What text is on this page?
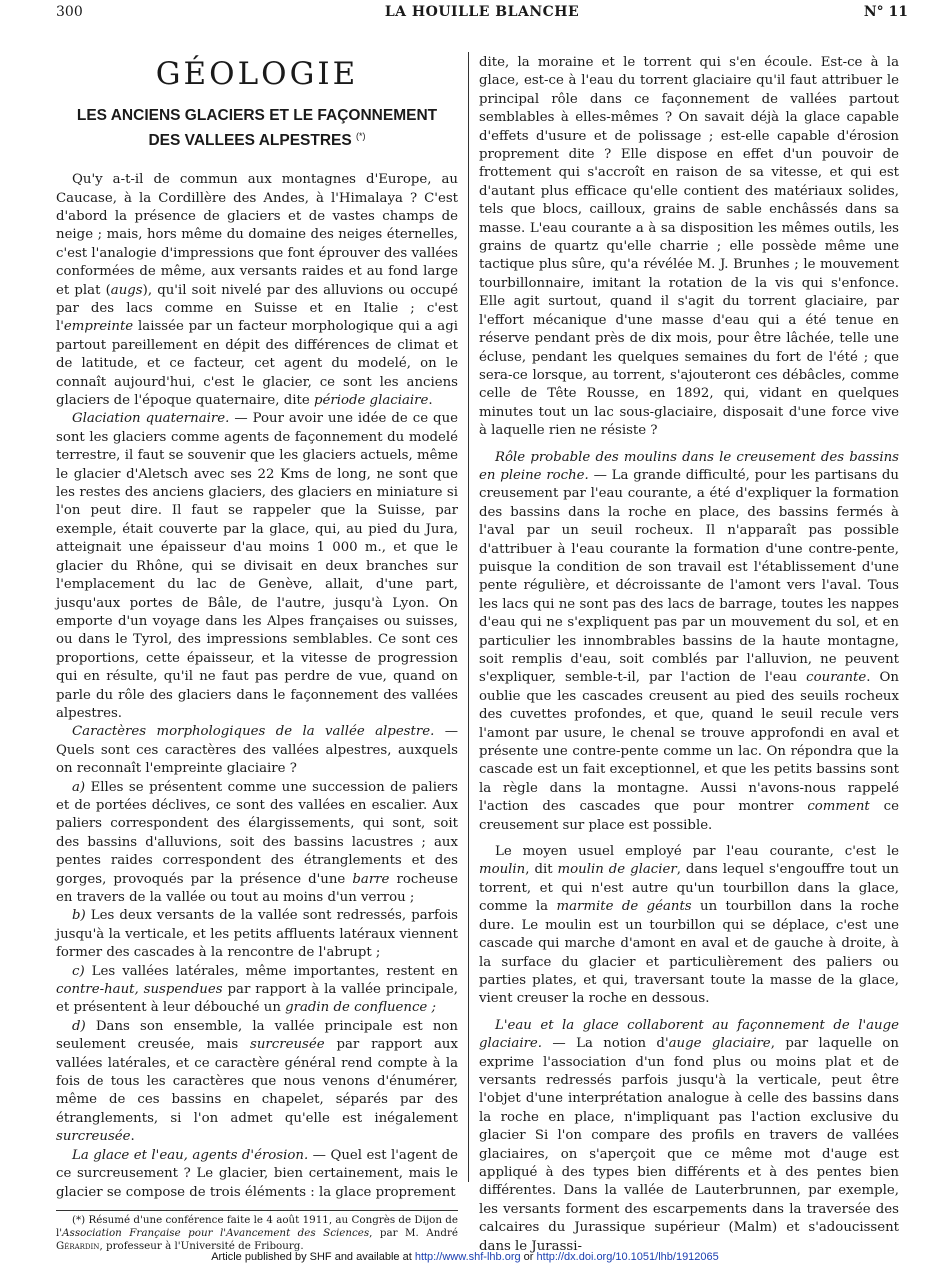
300	LA HOUILLE BLANCHE	N° 11
GÉOLOGIE
LES ANCIENS GLACIERS ET LE FAÇONNEMENT
DES VALLEES ALPESTRES (*)

Qu'y a-t-il de commun aux montagnes d'Europe, au Caucase, à la Cordillère des Andes, à l'Himalaya ? C'est d'abord la présence de glaciers et de vastes champs de neige ; mais, hors même du domaine des neiges éternelles, c'est l'analogie d'impressions que font éprouver des vallées conformées de même, aux versants raides et au fond large et plat (augs), qu'il soit nivelé par des alluvions ou occupé par des lacs comme en Suisse et en Italie ; c'est l'empreinte laissée par un facteur morphologique qui a agi partout pareillement en dépit des différences de climat et de latitude, et ce facteur, cet agent du modelé, on le connaît aujourd'hui, c'est le glacier, ce sont les anciens glaciers de l'époque quaternaire, dite période glaciaire.

Glaciation quaternaire. — Pour avoir une idée de ce que sont les glaciers comme agents de façonnement du modelé terrestre, il faut se souvenir que les glaciers actuels, même le glacier d'Aletsch avec ses 22 Kms de long, ne sont que les restes des anciens glaciers, des glaciers en miniature si l'on peut dire. Il faut se rappeler que la Suisse, par exemple, était couverte par la glace, qui, au pied du Jura, atteignait une épaisseur d'au moins 1 000 m., et que le glacier du Rhône, qui se divisait en deux branches sur l'emplacement du lac de Genève, allait, d'une part, jusqu'aux portes de Bâle, de l'autre, jusqu'à Lyon. On emporte d'un voyage dans les Alpes françaises ou suisses, ou dans le Tyrol, des impressions semblables. Ce sont ces proportions, cette épaisseur, et la vitesse de progression qui en résulte, qu'il ne faut pas perdre de vue, quand on parle du rôle des glaciers dans le façonnement des vallées alpestres.

Caractères morphologiques de la vallée alpestre. — Quels sont ces caractères des vallées alpestres, auxquels on reconnaît l'empreinte glaciaire ?

a) Elles se présentent comme une succession de paliers et de portées déclives, ce sont des vallées en escalier. Aux paliers correspondent des élargissements, qui sont, soit des bassins d'alluvions, soit des bassins lacustres ; aux pentes raides correspondent des étranglements et des gorges, provoqués par la présence d'une barre rocheuse en travers de la vallée ou tout au moins d'un verrou ;

b) Les deux versants de la vallée sont redressés, parfois jusqu'à la verticale, et les petits affluents latéraux viennent former des cascades à la rencontre de l'abrupt ;

c) Les vallées latérales, même importantes, restent en contre-haut, suspendues par rapport à la vallée principale, et présentent à leur débouché un gradin de confluence ;

d) Dans son ensemble, la vallée principale est non seulement creusée, mais surcreusée par rapport aux vallées latérales, et ce caractère général rend compte à la fois de tous les caractères que nous venons d'énumérer, même de ces bassins en chapelet, séparés par des étranglements, si l'on admet qu'elle est inégalement surcreusée.

La glace et l'eau, agents d'érosion. — Quel est l'agent de ce surcreusement ? Le glacier, bien certainement, mais le glacier se compose de trois éléments : la glace proprement

(*) Résumé d'une conférence faite le 4 août 1911, au Congrès de Dijon de l'Association Française pour l'Avancement des Sciences, par M. André Gérardin, professeur à l'Université de Fribourg.

dite, la moraine et le torrent qui s'en écoule. Est-ce à la glace, est-ce à l'eau du torrent glaciaire qu'il faut attribuer le principal rôle dans ce façonnement de vallées partout semblables à elles-mêmes ? On savait déjà la glace capable d'effets d'usure et de polissage ; est-elle capable d'érosion proprement dite ? Elle dispose en effet d'un pouvoir de frottement qui s'accroît en raison de sa vitesse, et qui est d'autant plus efficace qu'elle contient des matériaux solides, tels que blocs, cailloux, grains de sable enchâssés dans sa masse. L'eau courante a à sa disposition les mêmes outils, les grains de quartz qu'elle charrie ; elle possède même une tactique plus sûre, qu'a révélée M. J. Brunhes ; le mouvement tourbillonnaire, imitant la rotation de la vis qui s'enfonce. Elle agit surtout, quand il s'agit du torrent glaciaire, par l'effort mécanique d'une masse d'eau qui a été tenue en réserve pendant près de dix mois, pour être lâchée, telle une écluse, pendant les quelques semaines du fort de l'été ; que sera-ce lorsque, au torrent, s'ajouteront ces débâcles, comme celle de Tête Rousse, en 1892, qui, vidant en quelques minutes tout un lac sous-glaciaire, disposait d'une force vive à laquelle rien ne résiste ?

Rôle probable des moulins dans le creusement des bassins en pleine roche. — La grande difficulté, pour les partisans du creusement par l'eau courante, a été d'expliquer la formation des bassins dans la roche en place, des bassins fermés à l'aval par un seuil rocheux. Il n'apparaît pas possible d'attribuer à l'eau courante la formation d'une contre-pente, puisque la condition de son travail est l'établissement d'une pente régulière, et décroissante de l'amont vers l'aval. Tous les lacs qui ne sont pas des lacs de barrage, toutes les nappes d'eau qui ne s'expliquent pas par un mouvement du sol, et en particulier les innombrables bassins de la haute montagne, soit remplis d'eau, soit comblés par l'alluvion, ne peuvent s'expliquer, semble-t-il, par l'action de l'eau courante. On oublie que les cascades creusent au pied des seuils rocheux des cuvettes profondes, et que, quand le seuil recule vers l'amont par usure, le chenal se trouve approfondi en aval et présente une contre-pente comme un lac. On répondra que la cascade est un fait exceptionnel, et que les petits bassins sont la règle dans la montagne. Aussi n'avons-nous rappelé l'action des cascades que pour montrer comment ce creusement sur place est possible.

Le moyen usuel employé par l'eau courante, c'est le moulin, dit moulin de glacier, dans lequel s'engouffre tout un torrent, et qui n'est autre qu'un tourbillon dans la glace, comme la marmite de géants un tourbillon dans la roche dure. Le moulin est un tourbillon qui se déplace, c'est une cascade qui marche d'amont en aval et de gauche à droite, à la surface du glacier et particulièrement des paliers ou parties plates, et qui, traversant toute la masse de la glace, vient creuser la roche en dessous.

L'eau et la glace collaborent au façonnement de l'auge glaciaire. — La notion d'auge glaciaire, par laquelle on exprime l'association d'un fond plus ou moins plat et de versants redressés parfois jusqu'à la verticale, peut être l'objet d'une interprétation analogue à celle des bassins dans la roche en place, n'impliquant pas l'action exclusive du glacier Si l'on compare des profils en travers de vallées glaciaires, on s'aperçoit que ce même mot d'auge est appliqué à des types bien différents et à des pentes bien différentes. Dans la vallée de Lauterbrunnen, par exemple, les versants forment des escarpements dans la traversée des calcaires du Jurassique supérieur (Malm) et s'adoucissent dans le Jurassi-

Article published by SHF and available at http://www.shf-lhb.org or http://dx.doi.org/10.1051/lhb/1912065
